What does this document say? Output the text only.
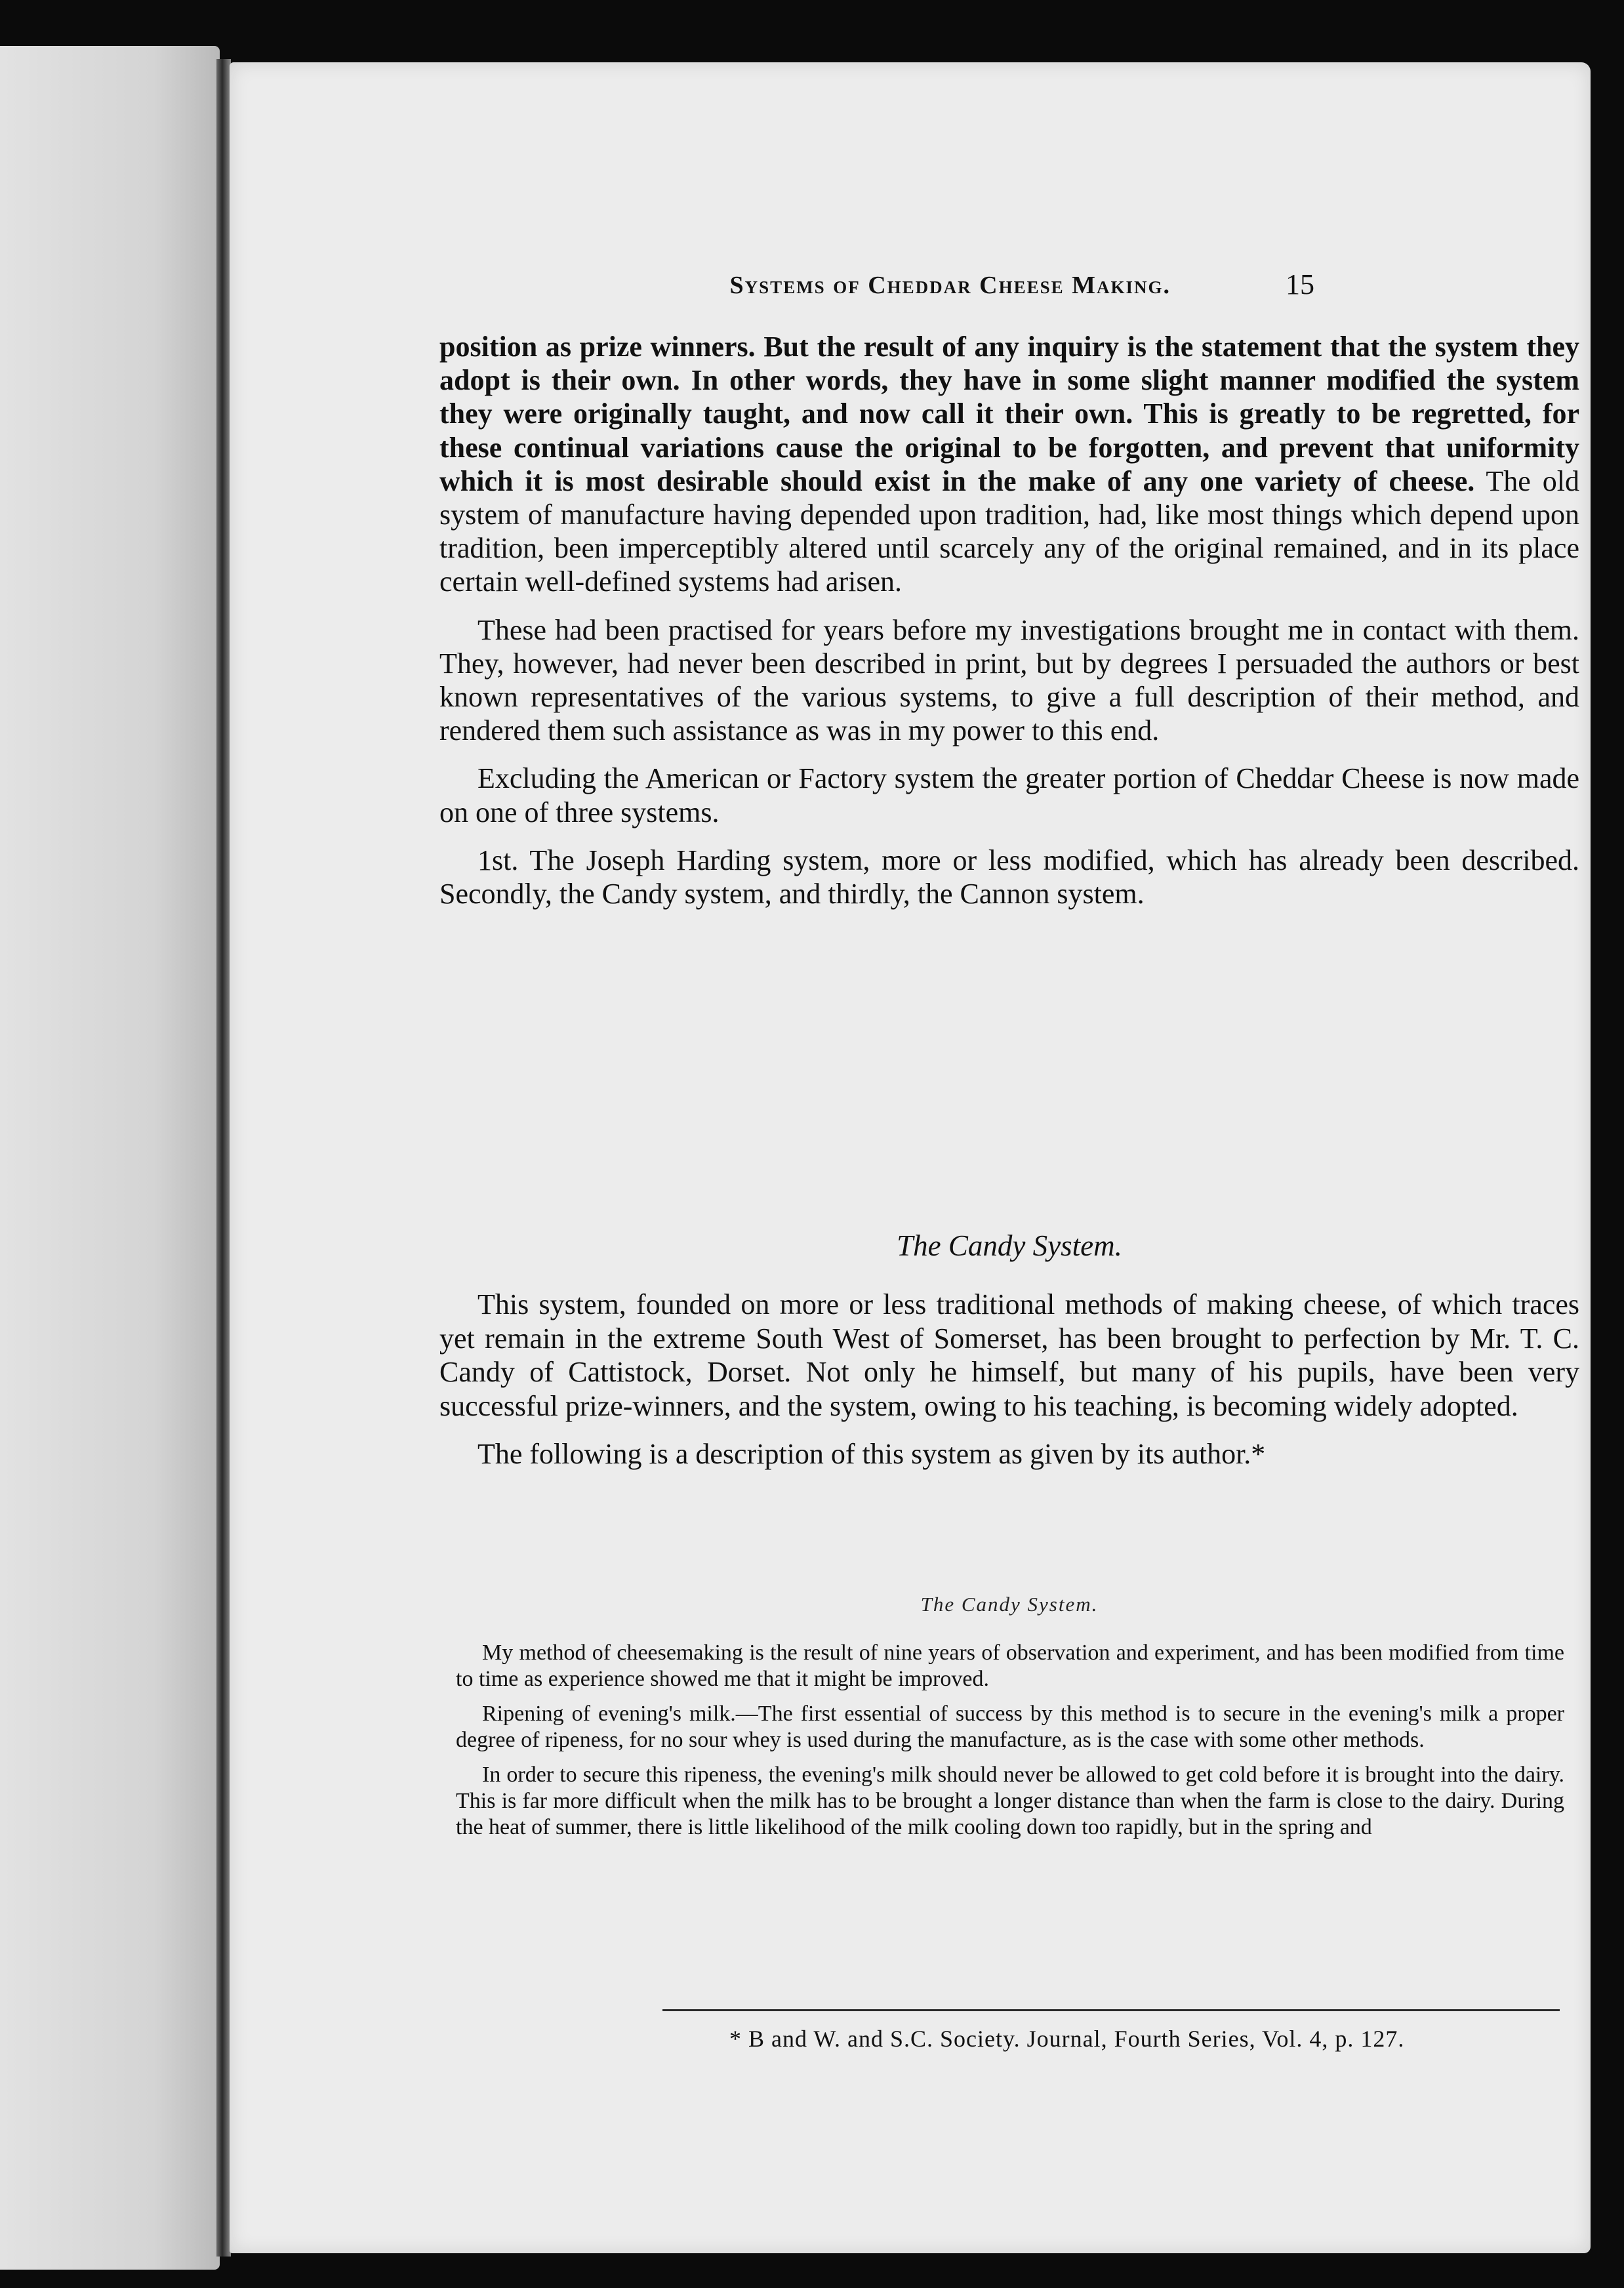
Systems of Cheddar Cheese Making.	15

position as prize winners. But the result of any inquiry is the statement that the system they adopt is their own. In other words, they have in some slight manner modified the system they were originally taught, and now call it their own. This is greatly to be regretted, for these continual variations cause the original to be forgotten, and prevent that uniformity which it is most desirable should exist in the make of any one variety of cheese. The old system of manufacture having depended upon tradition, had, like most things which depend upon tradition, been imperceptibly altered until scarcely any of the original remained, and in its place certain well-defined systems had arisen.

These had been practised for years before my investigations brought me in contact with them. They, however, had never been described in print, but by degrees I persuaded the authors or best known representatives of the various systems, to give a full description of their method, and rendered them such assistance as was in my power to this end.

Excluding the American or Factory system the greater portion of Cheddar Cheese is now made on one of three systems.

1st. The Joseph Harding system, more or less modified, which has already been described. Secondly, the Candy system, and thirdly, the Cannon system.

The Candy System.

This system, founded on more or less traditional methods of making cheese, of which traces yet remain in the extreme South West of Somerset, has been brought to perfection by Mr. T. C. Candy of Cattistock, Dorset. Not only he himself, but many of his pupils, have been very successful prize-winners, and the system, owing to his teaching, is becoming widely adopted.

The following is a description of this system as given by its author.*

The Candy System.

My method of cheesemaking is the result of nine years of observation and experiment, and has been modified from time to time as experience showed me that it might be improved.

Ripening of evening's milk.—The first essential of success by this method is to secure in the evening's milk a proper degree of ripeness, for no sour whey is used during the manufacture, as is the case with some other methods.

In order to secure this ripeness, the evening's milk should never be allowed to get cold before it is brought into the dairy. This is far more difficult when the milk has to be brought a longer distance than when the farm is close to the dairy. During the heat of summer, there is little likelihood of the milk cooling down too rapidly, but in the spring and

* B and W. and S.C. Society. Journal, Fourth Series, Vol. 4, p. 127.
